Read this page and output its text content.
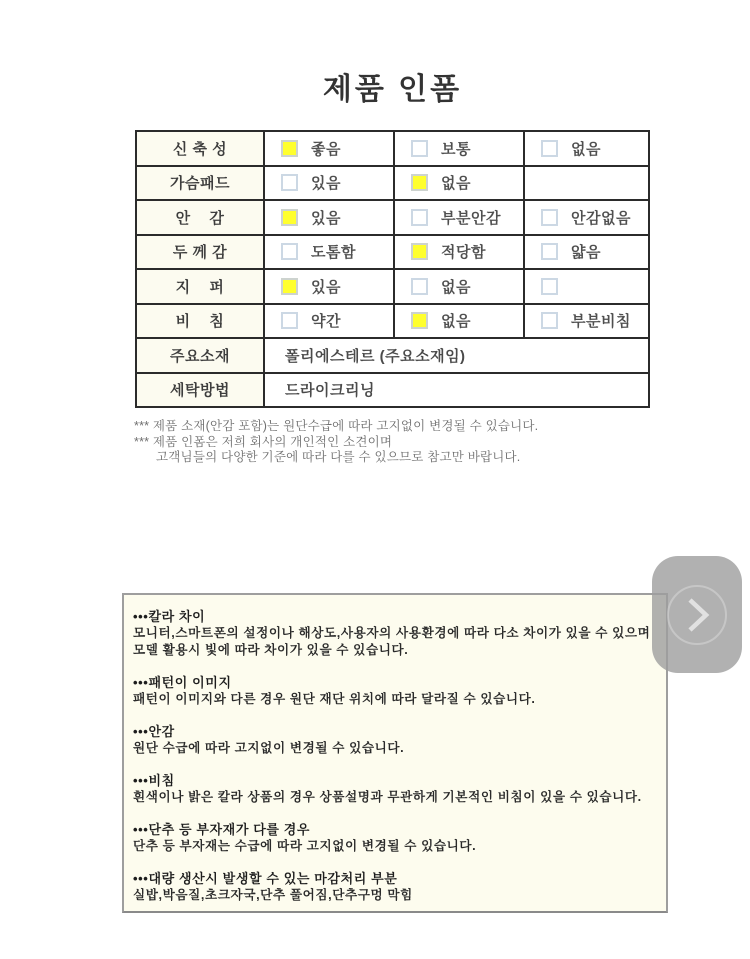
제품 인폼
신 축 성	좋음	보통	없음
가슴패드	있음	없음
안    감	있음	부분안감	안감없음
두 께 감	도톰함	적당함	얇음
지    퍼	있음	없음
비    침	약간	없음	부분비침
주요소재	폴리에스테르 (주요소재임)
세탁방법	드라이크리닝
*** 제품 소재(안감 포함)는 원단수급에 따라 고지없이 변경될 수 있습니다.
*** 제품 인폼은 저희 회사의 개인적인 소견이며
고객님들의 다양한 기준에 따라 다를 수 있으므로 참고만 바랍니다.
•••칼라 차이
모니터,스마트폰의 설정이나 해상도,사용자의 사용환경에 따라 다소 차이가 있을 수 있으며
모델 활용시 빛에 따라 차이가 있을 수 있습니다.
•••패턴이 이미지
패턴이 이미지와 다른 경우 원단 재단 위치에 따라 달라질 수 있습니다.
•••안감
원단 수급에 따라 고지없이 변경될 수 있습니다.
•••비침
흰색이나 밝은 칼라 상품의 경우 상품설명과 무관하게 기본적인 비침이 있을 수 있습니다.
•••단추 등 부자재가 다를 경우
단추 등 부자재는 수급에 따라 고지없이 변경될 수 있습니다.
•••대량 생산시 발생할 수 있는 마감처리 부분
실밥,박음질,초크자국,단추 풀어짐,단추구멍 막힘
